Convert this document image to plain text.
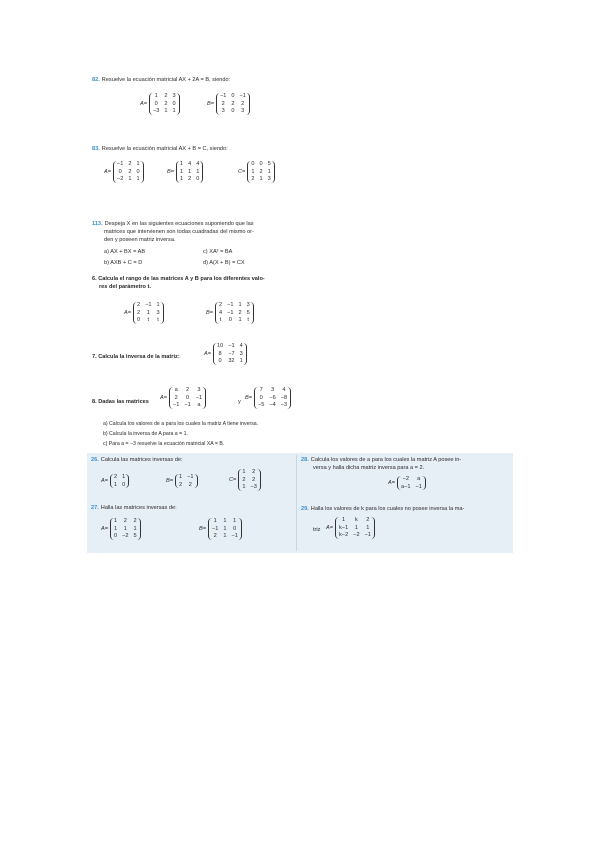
82. Resuelve la ecuación matricial AX + 2A = B, siendo:
A=
1 2 3
0 2 0
−3 1 1
B=
−1 0 −1
2 2 2
3 0 3
83. Resuelve la ecuación matricial AX + B = C, siendo:
A=
−1 2 1
0 2 0
−2 1 1
B=
1 4 4
1 1 1
1 2 0
C=
0 0 5
1 2 1
2 1 3
113. Despeja X en las siguientes ecuaciones suponiendo que las
matrices que intervienen son todas cuadradas del mismo or-
den y poseen matriz inversa.
a) AX + BX = AB	c) XA² = BA
b) AXB + C = D	d) A(X + B) = CX
6. Calcula el rango de las matrices A y B para los diferentes valo-
res del parámetro t.
A=
2 −1 1
2 1 3
0	t	t
B=
2 −1 1 3
4 −1 2 5
t 0 1 t
7. Calcula la inversa de la matriz:
A=
10 −1 4
8 −7 3
0 32 1
8. Dadas las matrices
A=
a 2 3
2 0 −1
−1 −1 a	y
B=
7 3 4
0 −6 −8
−5 −4 −3
a) Calcula los valores de a para los cuales la matriz A tiene inversa.
b) Calcula la inversa de A para a = 1.
c) Para a = −3 resuelve la ecuación matricial XA = B.
26. Calcula las matrices inversas de:
A=
2 1
1 0
B=
1 −1
2 2
C=
1 2
2 2
1 −3
27. Halla las matrices inversas de:
A=
1 2 2
1 1 1
0 −2 5
B=
1 1 1
−1 1 0
2 1 −1
28. Calcula los valores de a para los cuales la matriz A posee in-
versa y halla dicha matriz inversa para a = 2.
A=
−2 a
a−1 −1
29. Halla los valores de k para los cuales no posee inversa la ma-
triz A=
1	k	2
k−1 1 1
k−2 −2 −1
